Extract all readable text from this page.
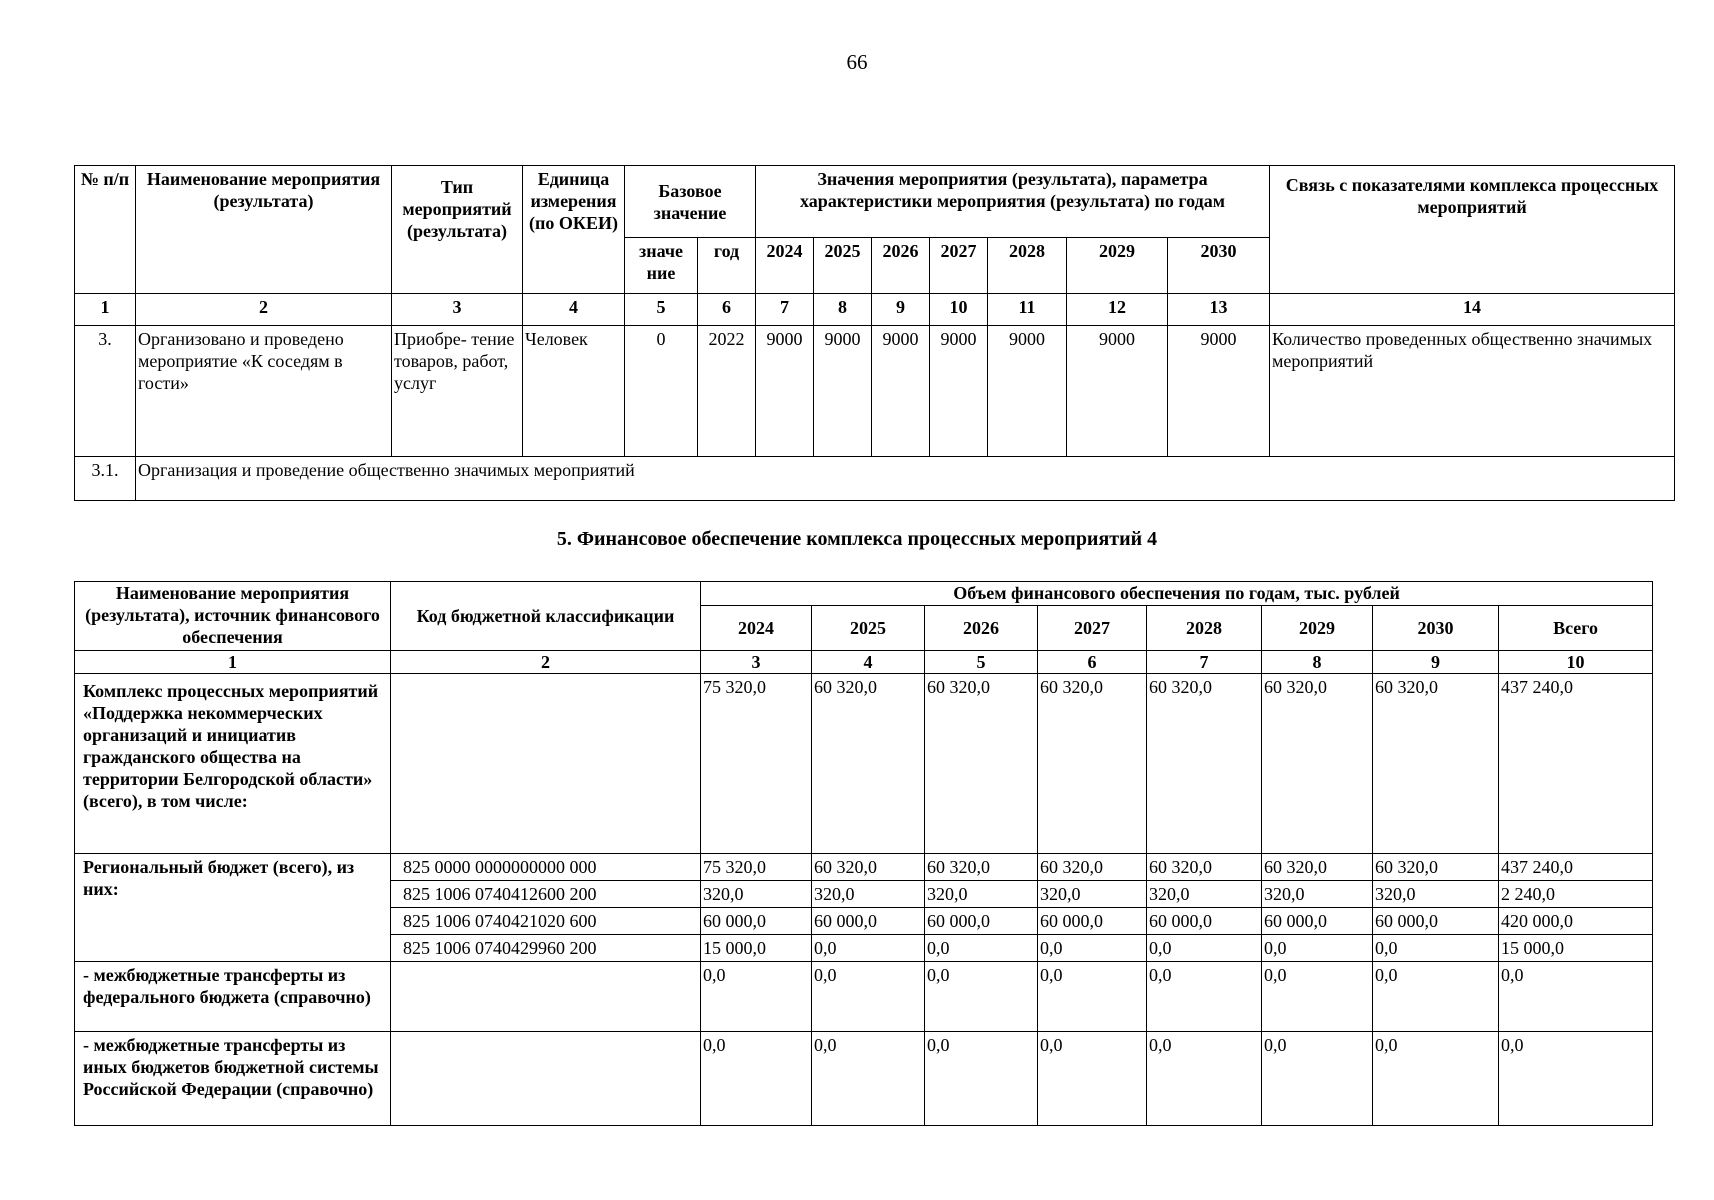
66
№ п/п	Наименование мероприятия (результата)	Тип мероприятий (результата)	Единица измерения (по ОКЕИ)	Базовое значение		Значения мероприятия (результата), параметра характеристики мероприятия (результата) по годам							Связь с показателями комплекса процессных мероприятий
				значе ние	год	2024	2025	2026	2027	2028	2029	2030	
1	2	3	4	5	6	7	8	9	10	11	12	13	14
3.	Организовано и проведено мероприятие «К соседям в гости»	Приобре- тение товаров, работ, услуг	Человек	0	2022	9000	9000	9000	9000	9000	9000	9000	Количество проведенных общественно значимых мероприятий
3.1.	Организация и проведение общественно значимых мероприятий												
5. Финансовое обеспечение комплекса процессных мероприятий 4
Наименование мероприятия (результата), источник финансового обеспечения	Код бюджетной классификации	Объем финансового обеспечения по годам, тыс. рублей							
		2024	2025	2026	2027	2028	2029	2030	Всего
1	2	3	4	5	6	7	8	9	10
Комплекс процессных мероприятий «Поддержка некоммерческих организаций и инициатив гражданского общества на территории Белгородской области» (всего), в том числе:		75 320,0	60 320,0	60 320,0	60 320,0	60 320,0	60 320,0	60 320,0	437 240,0
Региональный бюджет (всего), из них:	825 0000 0000000000 000	75 320,0	60 320,0	60 320,0	60 320,0	60 320,0	60 320,0	60 320,0	437 240,0
	825 1006 0740412600 200	320,0	320,0	320,0	320,0	320,0	320,0	320,0	2 240,0
	825 1006 0740421020 600	60 000,0	60 000,0	60 000,0	60 000,0	60 000,0	60 000,0	60 000,0	420 000,0
	825 1006 0740429960 200	15 000,0	0,0	0,0	0,0	0,0	0,0	0,0	15 000,0
- межбюджетные трансферты из федерального бюджета (справочно)		0,0	0,0	0,0	0,0	0,0	0,0	0,0	0,0
- межбюджетные трансферты из иных бюджетов бюджетной системы Российской Федерации (справочно)		0,0	0,0	0,0	0,0	0,0	0,0	0,0	0,0
